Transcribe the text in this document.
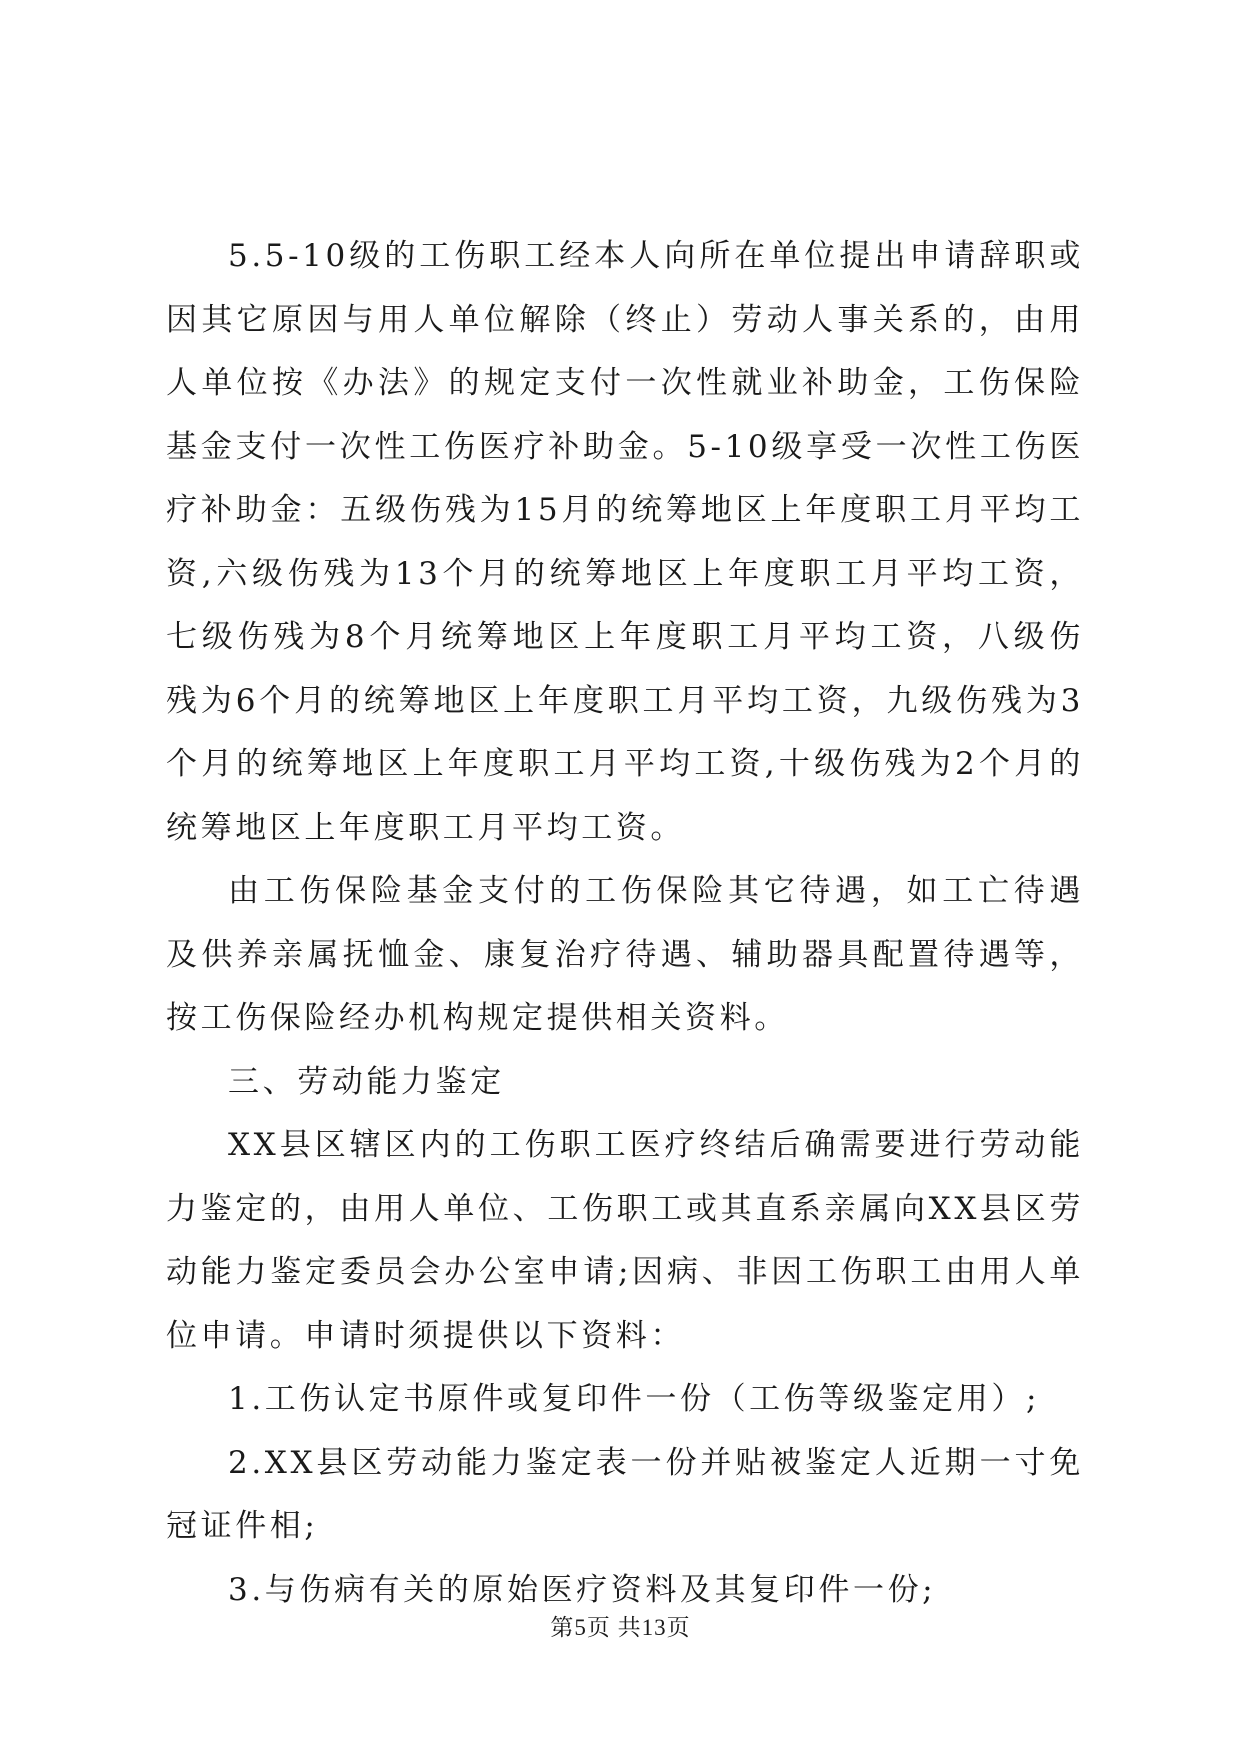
5.5-10级的工伤职工经本人向所在单位提出申请辞职或因其它原因与用人单位解除（终止）劳动人事关系的，由用人单位按《办法》的规定支付一次性就业补助金，工伤保险基金支付一次性工伤医疗补助金。5-10级享受一次性工伤医疗补助金：五级伤残为15月的统筹地区上年度职工月平均工资,六级伤残为13个月的统筹地区上年度职工月平均工资，七级伤残为8个月统筹地区上年度职工月平均工资，八级伤残为6个月的统筹地区上年度职工月平均工资，九级伤残为3个月的统筹地区上年度职工月平均工资,十级伤残为2个月的统筹地区上年度职工月平均工资。

由工伤保险基金支付的工伤保险其它待遇，如工亡待遇及供养亲属抚恤金、康复治疗待遇、辅助器具配置待遇等，按工伤保险经办机构规定提供相关资料。

三、劳动能力鉴定

XX县区辖区内的工伤职工医疗终结后确需要进行劳动能力鉴定的，由用人单位、工伤职工或其直系亲属向XX县区劳动能力鉴定委员会办公室申请;因病、非因工伤职工由用人单位申请。申请时须提供以下资料：

1.工伤认定书原件或复印件一份（工伤等级鉴定用）;

2.XX县区劳动能力鉴定表一份并贴被鉴定人近期一寸免冠证件相;

3.与伤病有关的原始医疗资料及其复印件一份;

第5页 共13页
